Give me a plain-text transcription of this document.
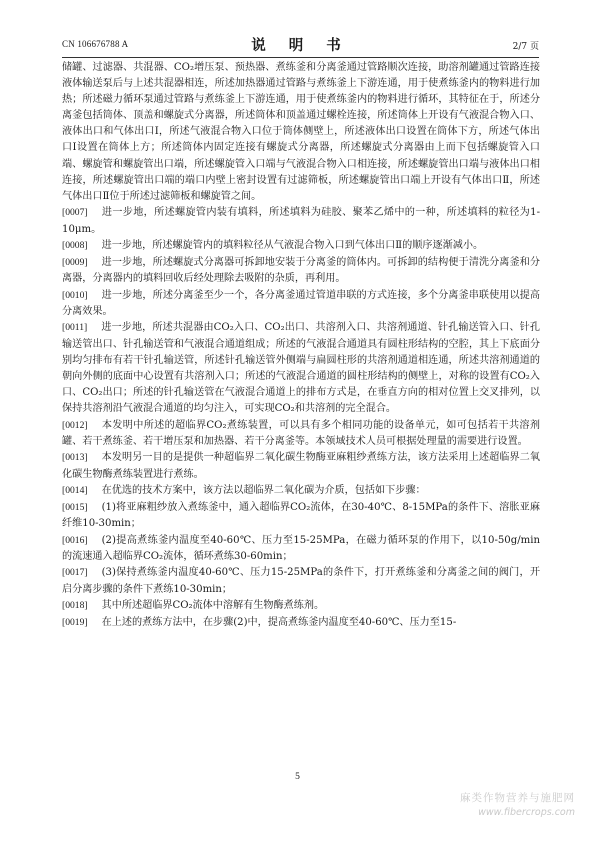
CN 106676788 A	说 明 书	2/7 页

储罐、过滤器、共混器、CO₂增压泵、预热器、煮练釜和分离釜通过管路顺次连接，助溶剂罐通过管路连接液体输送泵后与上述共混器相连，所述加热器通过管路与煮练釜上下游连通，用于使煮练釜内的物料进行加热；所述磁力循环泵通过管路与煮练釜上下游连通，用于使煮练釜内的物料进行循环，其特征在于，所述分离釜包括筒体、顶盖和螺旋式分离器，所述筒体和顶盖通过螺栓连接，所述筒体上开设有气液混合物入口、液体出口和气体出口Ⅰ，所述气液混合物入口位于筒体侧壁上，所述液体出口设置在筒体下方，所述气体出口Ⅰ设置在筒体上方；所述筒体内固定连接有螺旋式分离器，所述螺旋式分离器由上而下包括螺旋管入口端、螺旋管和螺旋管出口端，所述螺旋管入口端与气液混合物入口相连接，所述螺旋管出口端与液体出口相连接，所述螺旋管出口端的端口内壁上密封设置有过滤筛板，所述螺旋管出口端上开设有气体出口Ⅱ，所述气体出口Ⅱ位于所述过滤筛板和螺旋管之间。

[0007] 进一步地，所述螺旋管内装有填料，所述填料为硅胶、聚苯乙烯中的一种，所述填料的粒径为1-10μm。

[0008] 进一步地，所述螺旋管内的填料粒径从气液混合物入口到气体出口Ⅱ的顺序逐渐减小。

[0009] 进一步地，所述螺旋式分离器可拆卸地安装于分离釜的筒体内。可拆卸的结构便于清洗分离釜和分离器，分离器内的填料回收后经处理除去吸附的杂质，再利用。

[0010] 进一步地，所述分离釜至少一个，各分离釜通过管道串联的方式连接，多个分离釜串联使用以提高分离效果。

[0011] 进一步地，所述共混器由CO₂入口、CO₂出口、共溶剂入口、共溶剂通道、针孔输送管入口、针孔输送管出口、针孔输送管和气液混合通道组成；所述的气液混合通道具有圆柱形结构的空腔，其上下底面分别均匀排布有若干针孔输送管，所述针孔输送管外侧端与扁圆柱形的共溶剂通道相连通，所述共溶剂通道的朝向外侧的底面中心设置有共溶剂入口；所述的气液混合通道的圆柱形结构的侧壁上，对称的设置有CO₂入口、CO₂出口；所述的针孔输送管在气液混合通道上的排布方式是，在垂直方向的相对位置上交叉排列，以保持共溶剂沿气液混合通道的均匀注入，可实现CO₂和共溶剂的完全混合。

[0012] 本发明中所述的超临界CO₂煮练装置，可以具有多个相同功能的设备单元，如可包括若干共溶剂罐、若干煮练釜、若干增压泵和加热器、若干分离釜等。本领域技术人员可根据处理量的需要进行设置。

[0013] 本发明另一目的是提供一种超临界二氧化碳生物酶亚麻粗纱煮练方法，该方法采用上述超临界二氧化碳生物酶煮练装置进行煮练。

[0014] 在优选的技术方案中，该方法以超临界二氧化碳为介质，包括如下步骤：

[0015] (1)将亚麻粗纱放入煮练釜中，通入超临界CO₂流体，在30-40℃、8-15MPa的条件下、溶胀亚麻纤维10-30min；

[0016] (2)提高煮练釜内温度至40-60℃、压力至15-25MPa，在磁力循环泵的作用下，以10-50g/min的流速通入超临界CO₂流体，循环煮练30-60min；

[0017] (3)保持煮练釜内温度40-60℃、压力15-25MPa的条件下，打开煮练釜和分离釜之间的阀门，开启分离步骤的条件下煮练10-30min；

[0018] 其中所述超临界CO₂流体中溶解有生物酶煮练剂。

[0019] 在上述的煮练方法中，在步骤(2)中，提高煮练釜内温度至40-60℃、压力至15-

5
麻类作物营养与施肥网
www.fibercrops.com
